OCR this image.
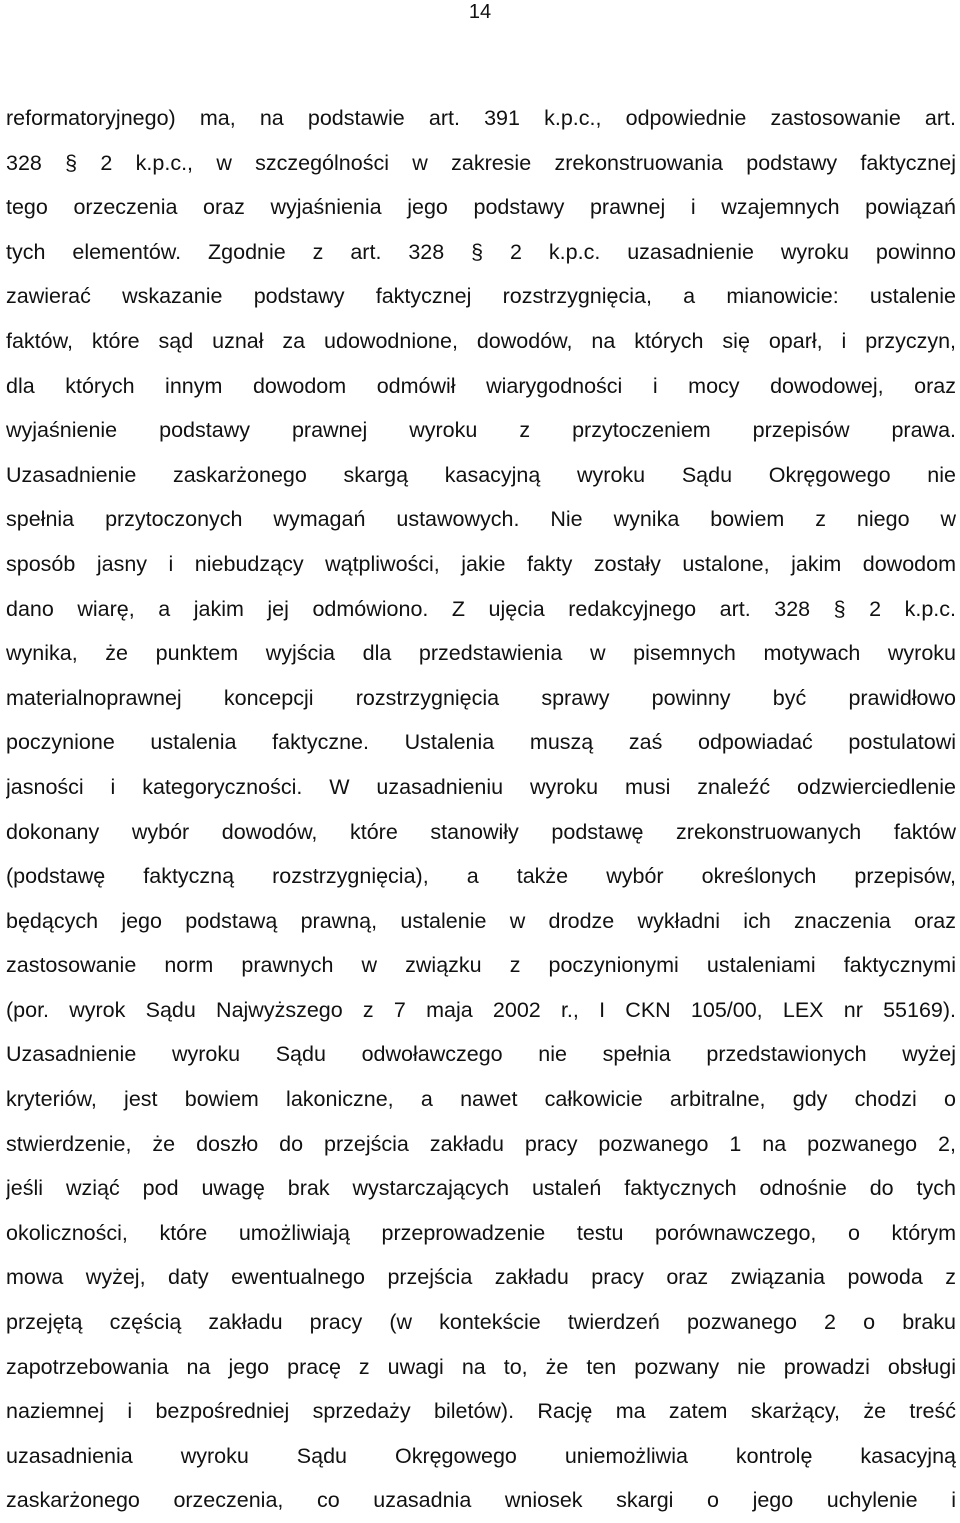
14
reformatoryjnego) ma, na podstawie art. 391 k.p.c., odpowiednie zastosowanie art.
328 § 2 k.p.c., w szczególności w zakresie zrekonstruowania podstawy faktycznej
tego orzeczenia oraz wyjaśnienia jego podstawy prawnej i wzajemnych powiązań
tych elementów. Zgodnie z art. 328 § 2 k.p.c. uzasadnienie wyroku powinno
zawierać wskazanie podstawy faktycznej rozstrzygnięcia, a mianowicie: ustalenie
faktów, które sąd uznał za udowodnione, dowodów, na których się oparł, i przyczyn,
dla których innym dowodom odmówił wiarygodności i mocy dowodowej, oraz
wyjaśnienie podstawy prawnej wyroku z przytoczeniem przepisów prawa.
Uzasadnienie zaskarżonego skargą kasacyjną wyroku Sądu Okręgowego nie
spełnia przytoczonych wymagań ustawowych. Nie wynika bowiem z niego w
sposób jasny i niebudzący wątpliwości, jakie fakty zostały ustalone, jakim dowodom
dano wiarę, a jakim jej odmówiono. Z ujęcia redakcyjnego art. 328 § 2 k.p.c.
wynika, że punktem wyjścia dla przedstawienia w pisemnych motywach wyroku
materialnoprawnej koncepcji rozstrzygnięcia sprawy powinny być prawidłowo
poczynione ustalenia faktyczne. Ustalenia muszą zaś odpowiadać postulatowi
jasności i kategoryczności. W uzasadnieniu wyroku musi znaleźć odzwierciedlenie
dokonany wybór dowodów, które stanowiły podstawę zrekonstruowanych faktów
(podstawę faktyczną rozstrzygnięcia), a także wybór określonych przepisów,
będących jego podstawą prawną, ustalenie w drodze wykładni ich znaczenia oraz
zastosowanie norm prawnych w związku z poczynionymi ustaleniami faktycznymi
(por. wyrok Sądu Najwyższego z 7 maja 2002 r., I CKN 105/00, LEX nr 55169).
Uzasadnienie wyroku Sądu odwoławczego nie spełnia przedstawionych wyżej
kryteriów, jest bowiem lakoniczne, a nawet całkowicie arbitralne, gdy chodzi o
stwierdzenie, że doszło do przejścia zakładu pracy pozwanego 1 na pozwanego 2,
jeśli wziąć pod uwagę brak wystarczających ustaleń faktycznych odnośnie do tych
okoliczności, które umożliwiają przeprowadzenie testu porównawczego, o którym
mowa wyżej, daty ewentualnego przejścia zakładu pracy oraz związania powoda z
przejętą częścią zakładu pracy (w kontekście twierdzeń pozwanego 2 o braku
zapotrzebowania na jego pracę z uwagi na to, że ten pozwany nie prowadzi obsługi
naziemnej i bezpośredniej sprzedaży biletów). Rację ma zatem skarżący, że treść
uzasadnienia wyroku Sądu Okręgowego uniemożliwia kontrolę kasacyjną
zaskarżonego orzeczenia, co uzasadnia wniosek skargi o jego uchylenie i
